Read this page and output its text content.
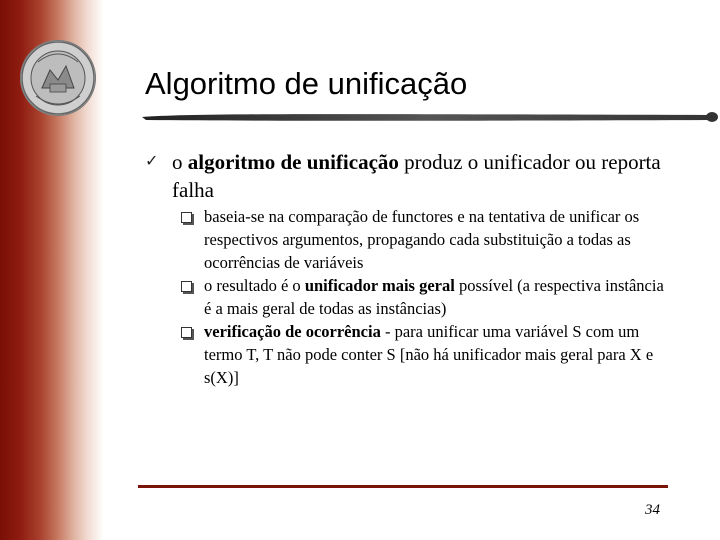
Algoritmo de unificação
✓ o algoritmo de unificação produz o unificador ou reporta falha
baseia-se na comparação de functores e na tentativa de unificar os respectivos argumentos, propagando cada substituição a todas as ocorrências de variáveis
o resultado é o unificador mais geral possível (a respectiva instância é a mais geral de todas as instâncias)
verificação de ocorrência - para unificar uma variável S com um termo T, T não pode conter S [não há unificador mais geral para X e s(X)]
34
